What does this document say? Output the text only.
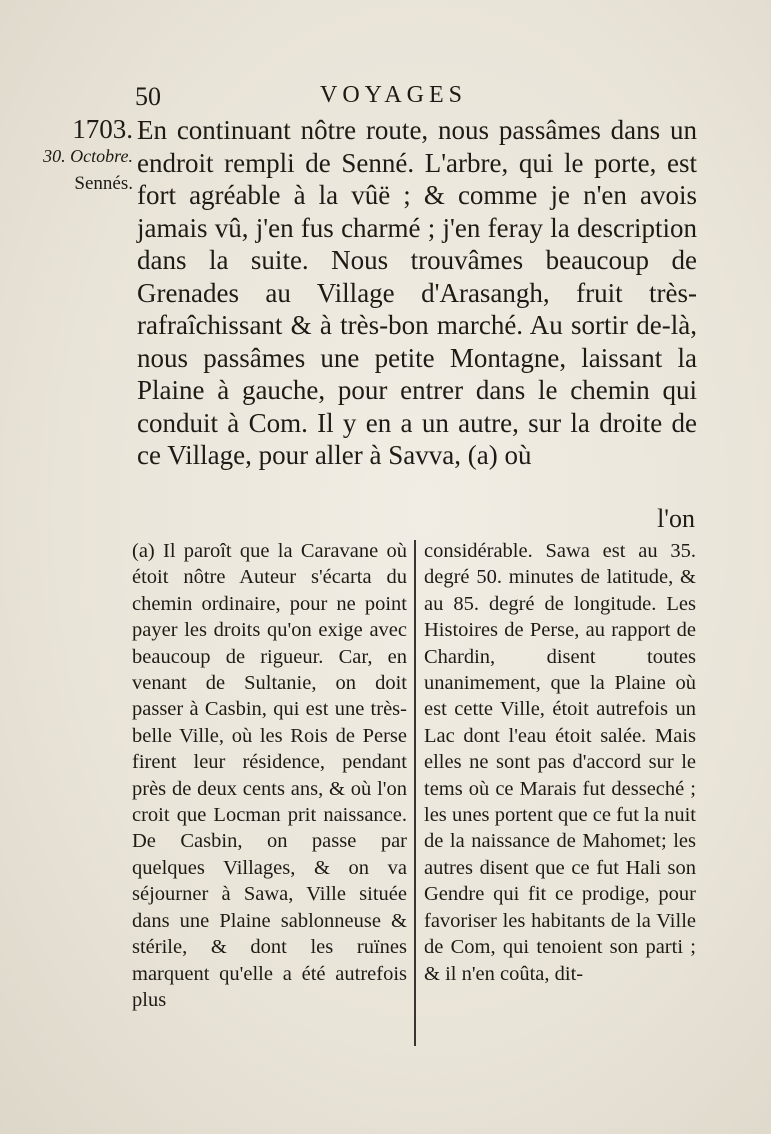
50	VOYAGES
1703.
30. Octobre.
Sennés.

En continuant nôtre route, nous passâmes dans un endroit rempli de Senné. L'arbre, qui le porte, est fort agréable à la vûë ; & comme je n'en avois jamais vû, j'en fus charmé ; j'en feray la description dans la suite. Nous trouvâmes beaucoup de Grenades au Village d'Arasangh, fruit très-rafraîchissant & à très-bon marché. Au sortir de-là, nous passâmes une petite Montagne, laissant la Plaine à gauche, pour entrer dans le chemin qui conduit à Com. Il y en a un autre, sur la droite de ce Village, pour aller à Savva, (a) où

l'on

(a) Il paroît que la Caravane où étoit nôtre Auteur s'écarta du chemin ordinaire, pour ne point payer les droits qu'on exige avec beaucoup de rigueur. Car, en venant de Sultanie, on doit passer à Casbin, qui est une très-belle Ville, où les Rois de Perse firent leur résidence, pendant près de deux cents ans, & où l'on croit que Locman prit naissance. De Casbin, on passe par quelques Villages, & on va séjourner à Sawa, Ville située dans une Plaine sablonneuse & stérile, & dont les ruïnes marquent qu'elle a été autrefois plus

considérable. Sawa est au 35. degré 50. minutes de latitude, & au 85. degré de longitude. Les Histoires de Perse, au rapport de Chardin, disent toutes unanimement, que la Plaine où est cette Ville, étoit autrefois un Lac dont l'eau étoit salée. Mais elles ne sont pas d'accord sur le tems où ce Marais fut desseché ; les unes portent que ce fut la nuit de la naissance de Mahomet; les autres disent que ce fut Hali son Gendre qui fit ce prodige, pour favoriser les habitants de la Ville de Com, qui tenoient son parti ; & il n'en coûta, dit-
